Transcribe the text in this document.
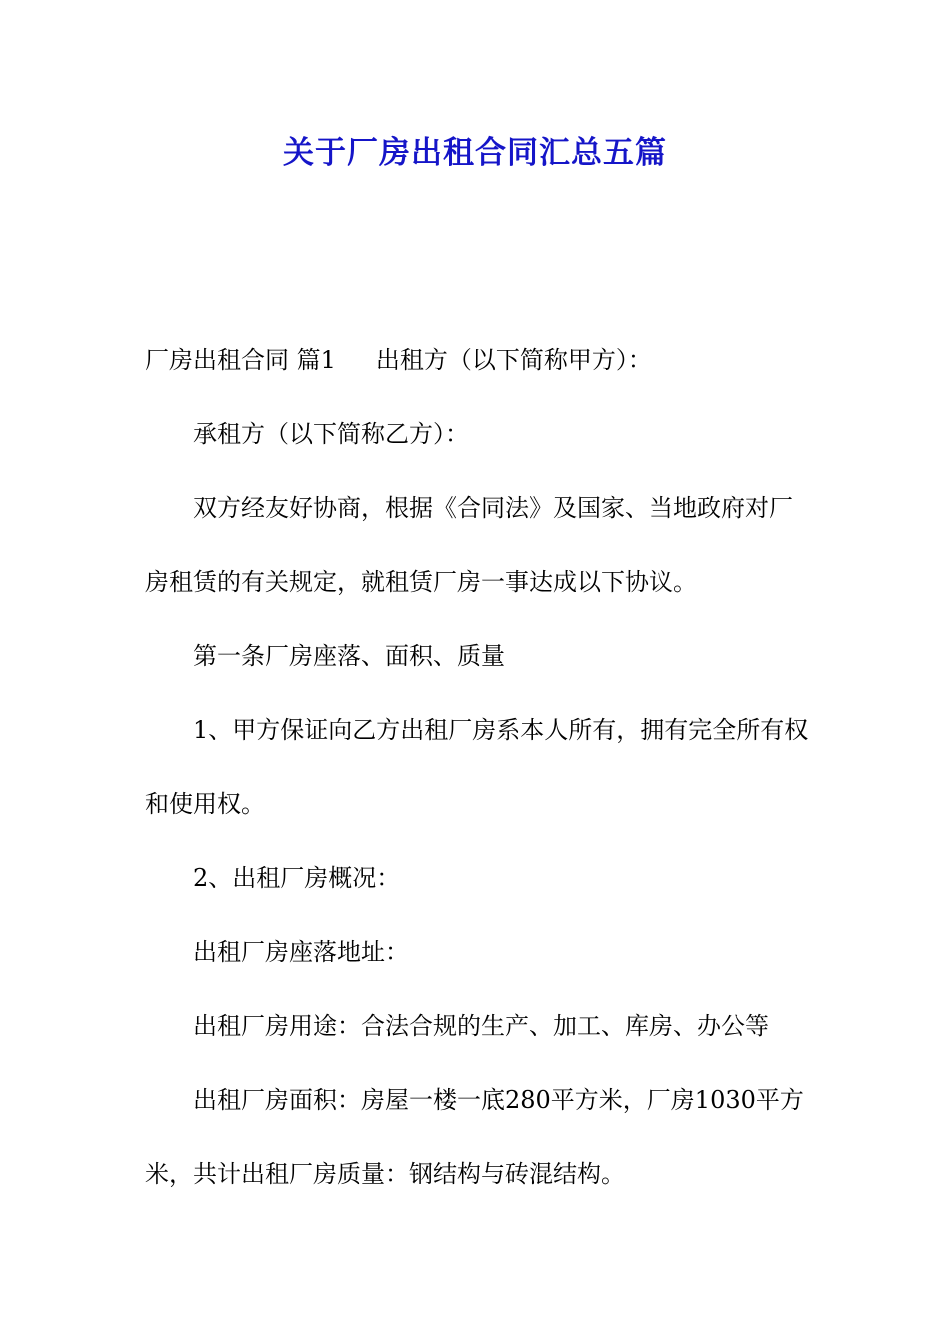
关于厂房出租合同汇总五篇

厂房出租合同 篇1 出租方（以下简称甲方）：

承租方（以下简称乙方）：

双方经友好协商，根据《合同法》及国家、当地政府对厂房租赁的有关规定，就租赁厂房一事达成以下协议。

第一条厂房座落、面积、质量

1、甲方保证向乙方出租厂房系本人所有，拥有完全所有权和使用权。

2、出租厂房概况：

出租厂房座落地址：

出租厂房用途：合法合规的生产、加工、库房、办公等

出租厂房面积：房屋一楼一底280平方米，厂房1030平方米，共计出租厂房质量：钢结构与砖混结构。
